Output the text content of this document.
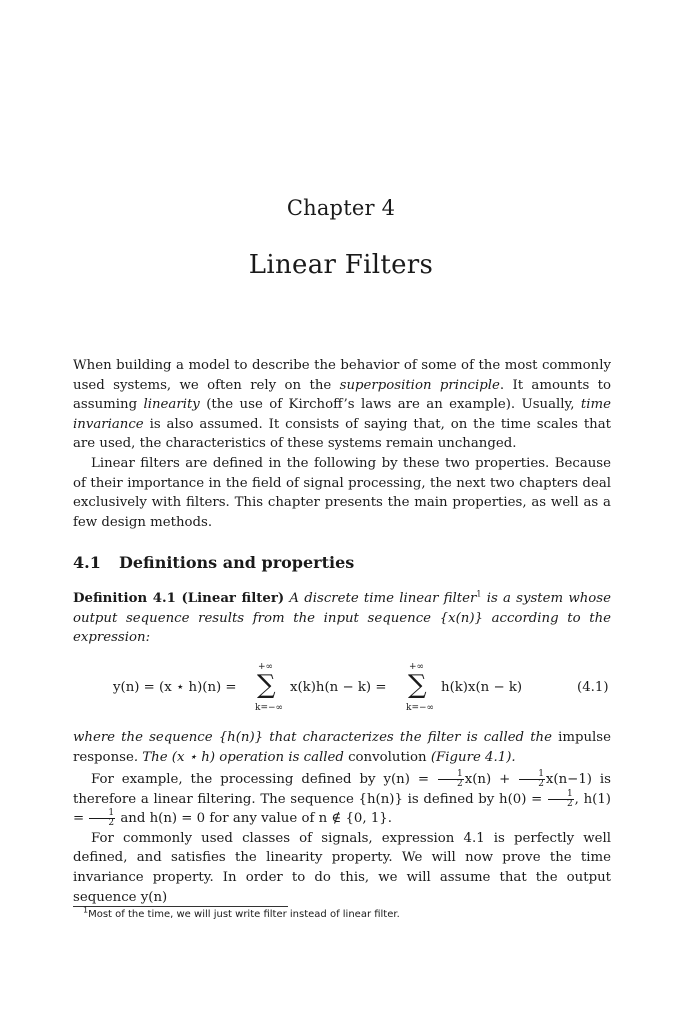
Chapter 4
Linear Filters

When building a model to describe the behavior of some of the most commonly used systems, we often rely on the superposition principle. It amounts to assuming linearity (the use of Kirchoff’s laws are an example). Usually, time invariance is also assumed. It consists of saying that, on the time scales that are used, the characteristics of these systems remain unchanged.

Linear filters are defined in the following by these two properties. Because of their importance in the field of signal processing, the next two chapters deal exclusively with filters. This chapter presents the main properties, as well as a few design methods.

4.1 Definitions and properties

Definition 4.1 (Linear filter) A discrete time linear filter$^1$ is a system whose output sequence results from the input sequence {x(n)} according to the expression:

y(n) = (x ⋆ h)(n) =
+∞
∑
k=−∞
x(k)h(n − k) =
+∞
∑
k=−∞
h(k)x(n − k)	(4.1)

where the sequence {h(n)} that characterizes the filter is called the impulse response. The (x ⋆ h) operation is called convolution (Figure 4.1).

For example, the processing defined by $y(n) = \frac{1}{2} x(n) + \frac{1}{2} x(n-1)$ is therefore a linear filtering. The sequence {h(n)} is defined by $h(0) = \frac{1}{2}$ , $h(1) = \frac{1}{2}$ and h(n) = 0 for any value of n ∉ {0, 1}.

For commonly used classes of signals, expression 4.1 is perfectly well defined, and satisfies the linearity property. We will now prove the time invariance property. In order to do this, we will assume that the output sequence y(n)

$^1$Most of the time, we will just write filter instead of linear filter.
